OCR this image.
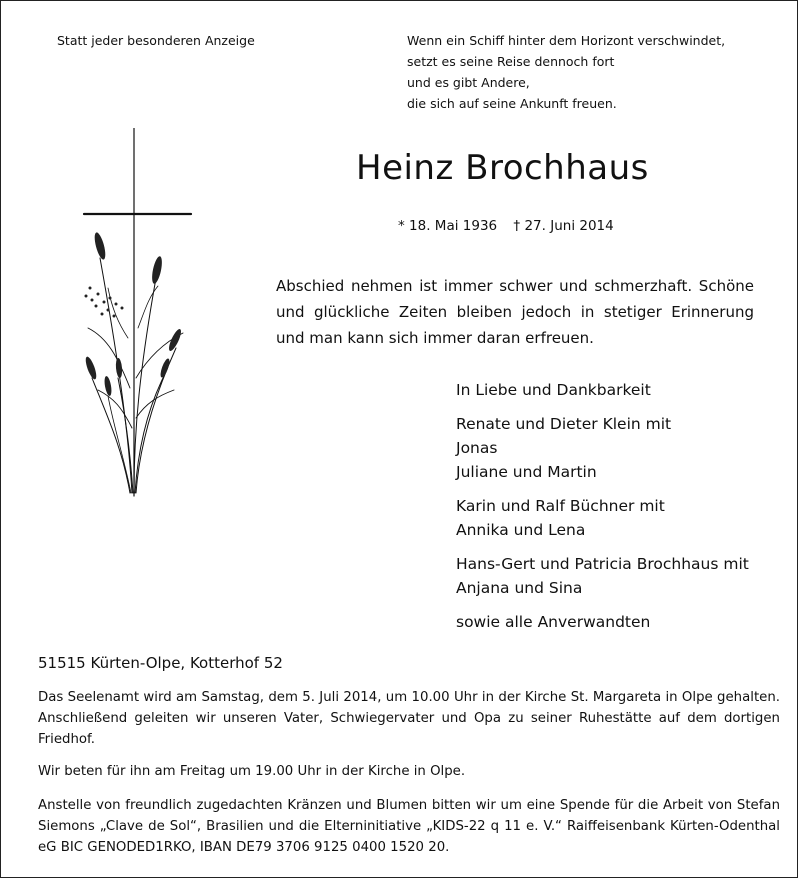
Statt jeder besonderen Anzeige	Wenn ein Schiff hinter dem Horizont verschwindet,
setzt es seine Reise dennoch fort
und es gibt Andere,
die sich auf seine Ankunft freuen.
Heinz Brochhaus
* 18. Mai 1936 † 27. Juni 2014
Abschied nehmen ist immer schwer und schmerzhaft. Schöne und glückliche Zeiten bleiben jedoch in stetiger Erinnerung und man kann sich immer daran erfreuen.
In Liebe und Dankbarkeit
Renate und Dieter Klein mit
Jonas
Juliane und Martin
Karin und Ralf Büchner mit
Annika und Lena
Hans-Gert und Patricia Brochhaus mit
Anjana und Sina
sowie alle Anverwandten
51515 Kürten-Olpe, Kotterhof 52
Das Seelenamt wird am Samstag, dem 5. Juli 2014, um 10.00 Uhr in der Kirche St. Margareta in Olpe gehalten. Anschließend geleiten wir unseren Vater, Schwiegervater und Opa zu seiner Ruhestätte auf dem dortigen Friedhof.
Wir beten für ihn am Freitag um 19.00 Uhr in der Kirche in Olpe.
Anstelle von freundlich zugedachten Kränzen und Blumen bitten wir um eine Spende für die Arbeit von Stefan Siemons „Clave de Sol“, Brasilien und die Elterninitiative „KIDS-22 q 11 e. V.“ Raiffeisenbank Kürten-Odenthal eG BIC GENODED1RKO, IBAN DE79 3706 9125 0400 1520 20.
